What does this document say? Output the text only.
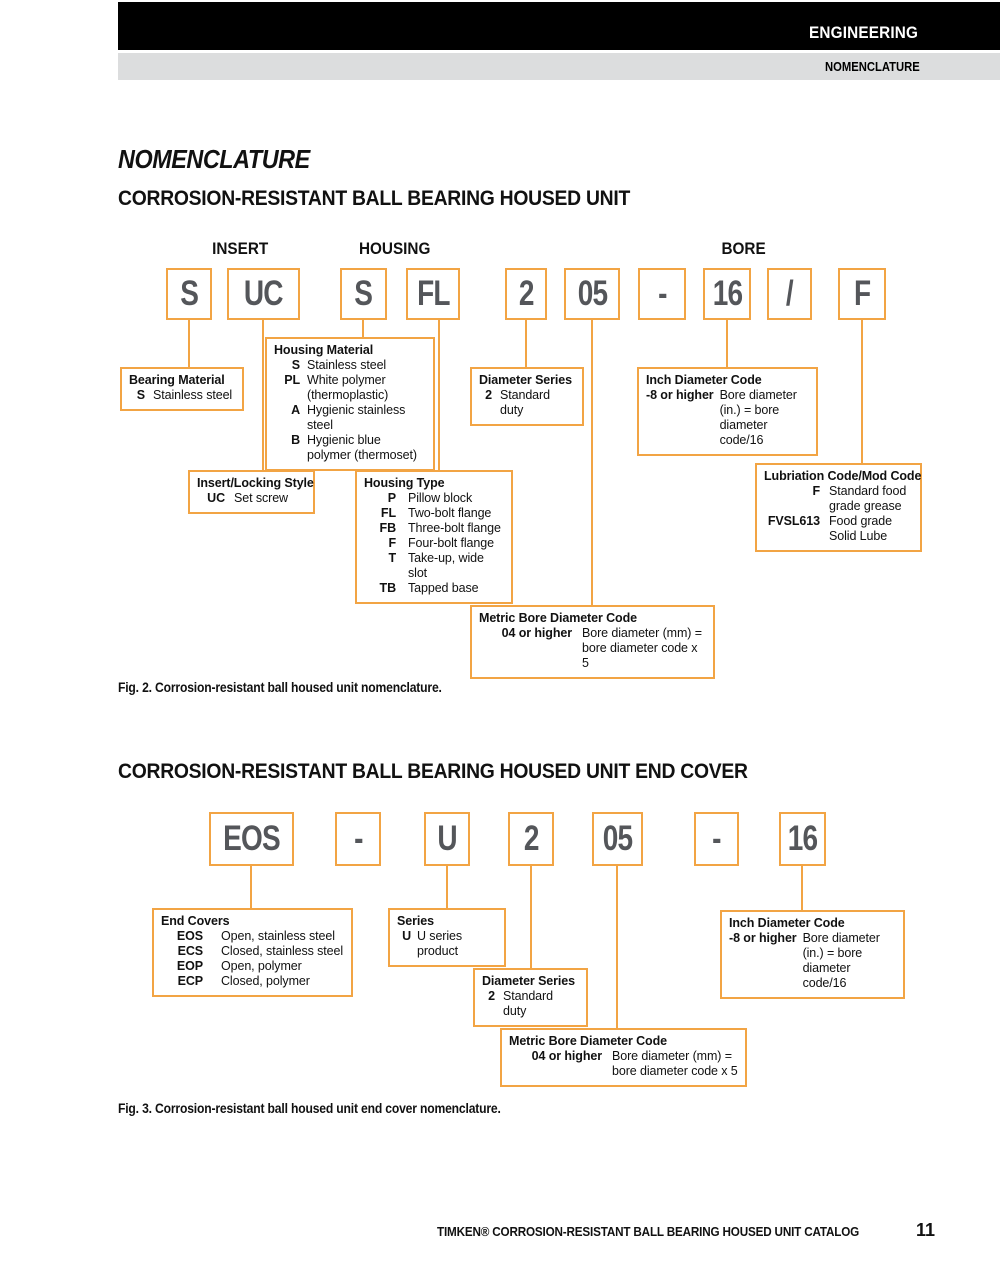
ENGINEERING
NOMENCLATURE
NOMENCLATURE
CORROSION-RESISTANT BALL BEARING HOUSED UNIT
INSERT	HOUSING	BORE
S UC S FL 2 05 - 16 / F
Bearing Material
S Stainless steel
Housing Material
S Stainless steel
PL White polymer (thermoplastic)
A Hygienic stainless steel
B Hygienic blue polymer (thermoset)
Insert/Locking Style
UC Set screw
Housing Type
P Pillow block
FL Two-bolt flange
FB Three-bolt flange
F Four-bolt flange
T Take-up, wide slot
TB Tapped base
Diameter Series
2 Standard duty
Inch Diameter Code
-8 or higher Bore diameter (in.) = bore diameter code/16
Lubriation Code/Mod Code
F Standard food grade grease
FVSL613 Food grade Solid Lube
Metric Bore Diameter Code
04 or higher Bore diameter (mm) = bore diameter code x 5
Fig. 2. Corrosion-resistant ball housed unit nomenclature.
CORROSION-RESISTANT BALL BEARING HOUSED UNIT END COVER
EOS - U 2 05 - 16
End Covers
EOS Open, stainless steel
ECS Closed, stainless steel
EOP Open, polymer
ECP Closed, polymer
Series
U U series product
Diameter Series
2 Standard duty
Inch Diameter Code
-8 or higher Bore diameter (in.) = bore diameter code/16
Metric Bore Diameter Code
04 or higher Bore diameter (mm) = bore diameter code x 5
Fig. 3. Corrosion-resistant ball housed unit end cover nomenclature.
TIMKEN® CORROSION-RESISTANT BALL BEARING HOUSED UNIT CATALOG	11
